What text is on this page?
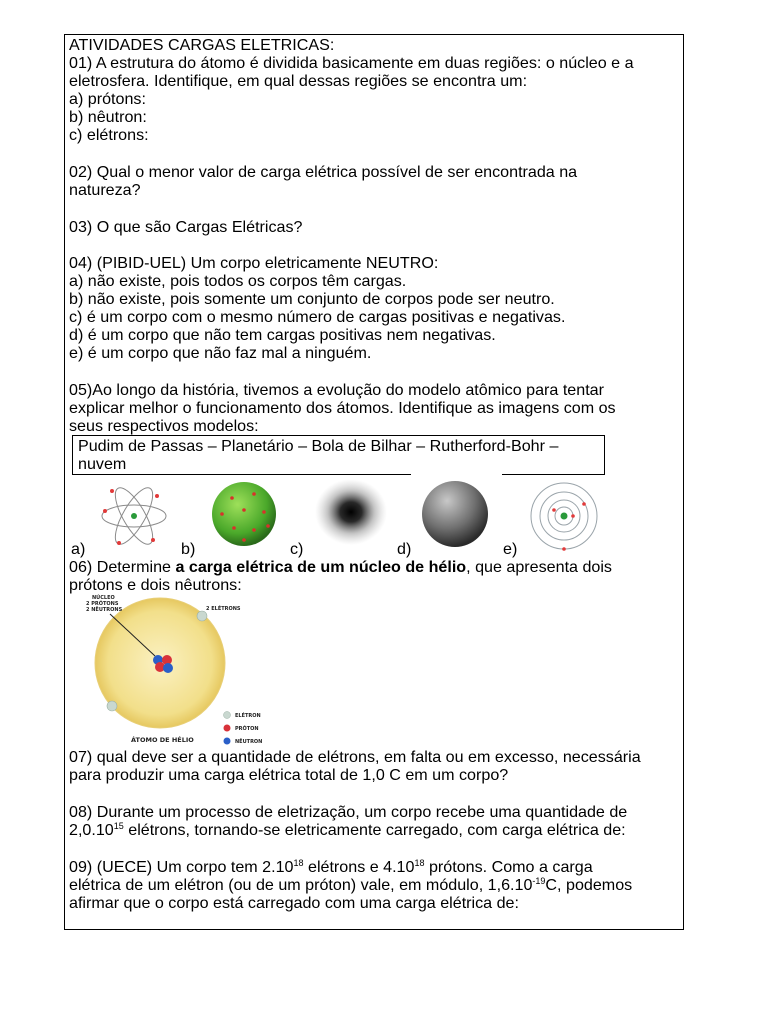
ATIVIDADES CARGAS ELETRICAS:
01) A estrutura do átomo é dividida basicamente em duas regiões: o núcleo e a
eletrosfera. Identifique, em qual dessas regiões se encontra um:
a) prótons:
b) nêutron:
c) elétrons:
02) Qual o menor valor de carga elétrica possível de ser encontrada na
natureza?
03) O que são Cargas Elétricas?
04) (PIBID-UEL) Um corpo eletricamente NEUTRO:
a) não existe, pois todos os corpos têm cargas.
b) não existe, pois somente um conjunto de corpos pode ser neutro.
c) é um corpo com o mesmo número de cargas positivas e negativas.
d) é um corpo que não tem cargas positivas nem negativas.
e) é um corpo que não faz mal a ninguém.
05)Ao longo da história, tivemos a evolução do modelo atômico para tentar
explicar melhor o funcionamento dos átomos. Identifique as imagens com os
seus respectivos modelos:
Pudim de Passas – Planetário – Bola de Bilhar – Rutherford-Bohr –
nuvem
a)	b)	c)	d)	e)
06) Determine a carga elétrica de um núcleo de hélio, que apresenta dois
prótons e dois nêutrons:
NÚCLEO
2 PRÓTONS
2 NÊUTRONS	2 ELÉTRONS
ELÉTRON
PRÓTON
NÊUTRON
ÁTOMO DE HÉLIO
07) qual deve ser a quantidade de elétrons, em falta ou em excesso, necessária
para produzir uma carga elétrica total de 1,0 C em um corpo?
08) Durante um processo de eletrização, um corpo recebe uma quantidade de
2,0.10$^{15}$ elétrons, tornando-se eletricamente carregado, com carga elétrica de:
09) (UECE) Um corpo tem 2.10$^{18}$ elétrons e 4.10$^{18}$ prótons. Como a carga
elétrica de um elétron (ou de um próton) vale, em módulo, $1,6.10^{-19}C$, podemos
afirmar que o corpo está carregado com uma carga elétrica de:
